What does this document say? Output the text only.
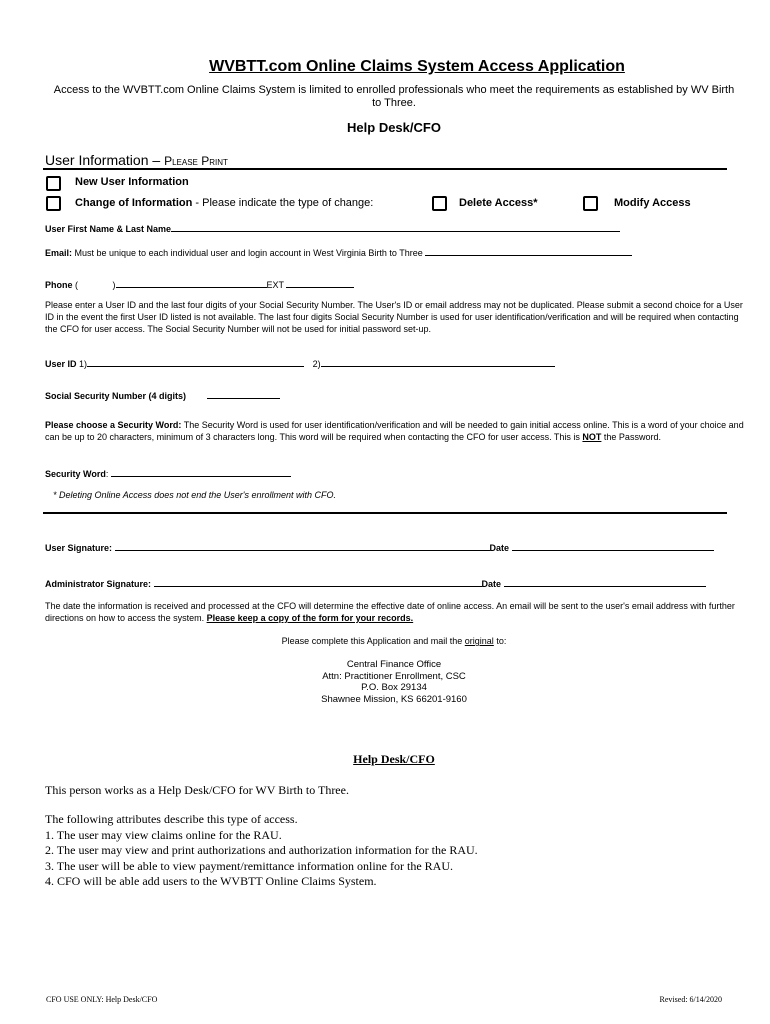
WVBTT.com Online Claims System Access Application
Access to the WVBTT.com Online Claims System is limited to enrolled professionals who meet the requirements as established by WV Birth to Three.
Help Desk/CFO
User Information – Please Print
New User Information
Change of Information - Please indicate the type of change:	Delete Access*	Modify Access
User First Name & Last Name
Email: Must be unique to each individual user and login account in West Virginia Birth to Three
Phone (	)	EXT
Please enter a User ID and the last four digits of your Social Security Number. The User's ID or email address may not be duplicated. Please submit a second choice for a User ID in the event the first User ID listed is not available. The last four digits Social Security Number is used for user identification/verification and will be required when contacting the CFO for user access. The Social Security Number will not be used for initial password set-up.
User ID 1)	2)
Social Security Number (4 digits)
Please choose a Security Word: The Security Word is used for user identification/verification and will be needed to gain initial access online. This is a word of your choice and can be up to 20 characters, minimum of 3 characters long. This word will be required when contacting the CFO for user access. This is NOT the Password.
Security Word:
* Deleting Online Access does not end the User's enrollment with CFO.
User Signature:	Date
Administrator Signature:	Date
The date the information is received and processed at the CFO will determine the effective date of online access. An email will be sent to the user's email address with further directions on how to access the system. Please keep a copy of the form for your records.
Please complete this Application and mail the original to:
Central Finance Office
Attn: Practitioner Enrollment, CSC
P.O. Box 29134
Shawnee Mission, KS 66201-9160
Help Desk/CFO
This person works as a Help Desk/CFO for WV Birth to Three.
The following attributes describe this type of access.
1. The user may view claims online for the RAU.
2. The user may view and print authorizations and authorization information for the RAU.
3. The user will be able to view payment/remittance information online for the RAU.
4. CFO will be able add users to the WVBTT Online Claims System.
CFO USE ONLY: Help Desk/CFO	Revised: 6/14/2020
